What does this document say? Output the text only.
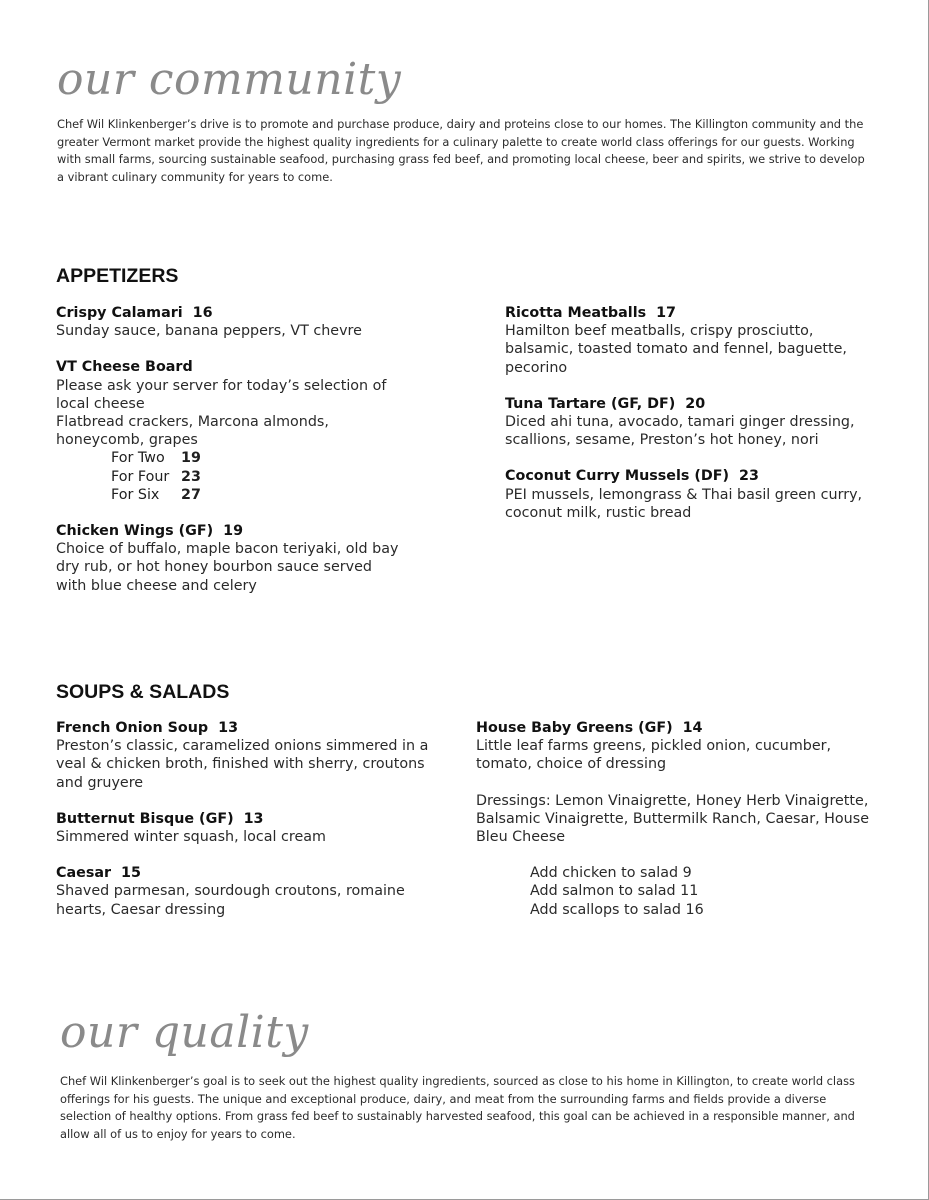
our community

Chef Wil Klinkenberger’s drive is to promote and purchase produce, dairy and proteins close to our homes. The Killington community and the greater Vermont market provide the highest quality ingredients for a culinary palette to create world class offerings for our guests. Working with small farms, sourcing sustainable seafood, purchasing grass fed beef, and promoting local cheese, beer and spirits, we strive to develop a vibrant culinary community for years to come.

APPETIZERS
Crispy Calamari 16
Sunday sauce, banana peppers, VT chevre
VT Cheese Board
Please ask your server for today’s selection of local cheese
Flatbread crackers, Marcona almonds, honeycomb, grapes
For Two 19
For Four 23
For Six 27
Chicken Wings (GF) 19
Choice of buffalo, maple bacon teriyaki, old bay dry rub, or hot honey bourbon sauce served with blue cheese and celery
Ricotta Meatballs 17
Hamilton beef meatballs, crispy prosciutto, balsamic, toasted tomato and fennel, baguette, pecorino
Tuna Tartare (GF, DF) 20
Diced ahi tuna, avocado, tamari ginger dressing, scallions, sesame, Preston’s hot honey, nori
Coconut Curry Mussels (DF) 23
PEI mussels, lemongrass & Thai basil green curry, coconut milk, rustic bread
SOUPS & SALADS
French Onion Soup 13
Preston’s classic, caramelized onions simmered in a veal & chicken broth, finished with sherry, croutons and gruyere
Butternut Bisque (GF) 13
Simmered winter squash, local cream
Caesar 15
Shaved parmesan, sourdough croutons, romaine hearts, Caesar dressing
House Baby Greens (GF) 14
Little leaf farms greens, pickled onion, cucumber, tomato, choice of dressing
Dressings: Lemon Vinaigrette, Honey Herb Vinaigrette, Balsamic Vinaigrette, Buttermilk Ranch, Caesar, House Bleu Cheese
Add chicken to salad 9
Add salmon to salad 11
Add scallops to salad 16
our quality

Chef Wil Klinkenberger’s goal is to seek out the highest quality ingredients, sourced as close to his home in Killington, to create world class offerings for his guests. The unique and exceptional produce, dairy, and meat from the surrounding farms and fields provide a diverse selection of healthy options. From grass fed beef to sustainably harvested seafood, this goal can be achieved in a responsible manner, and allow all of us to enjoy for years to come.
